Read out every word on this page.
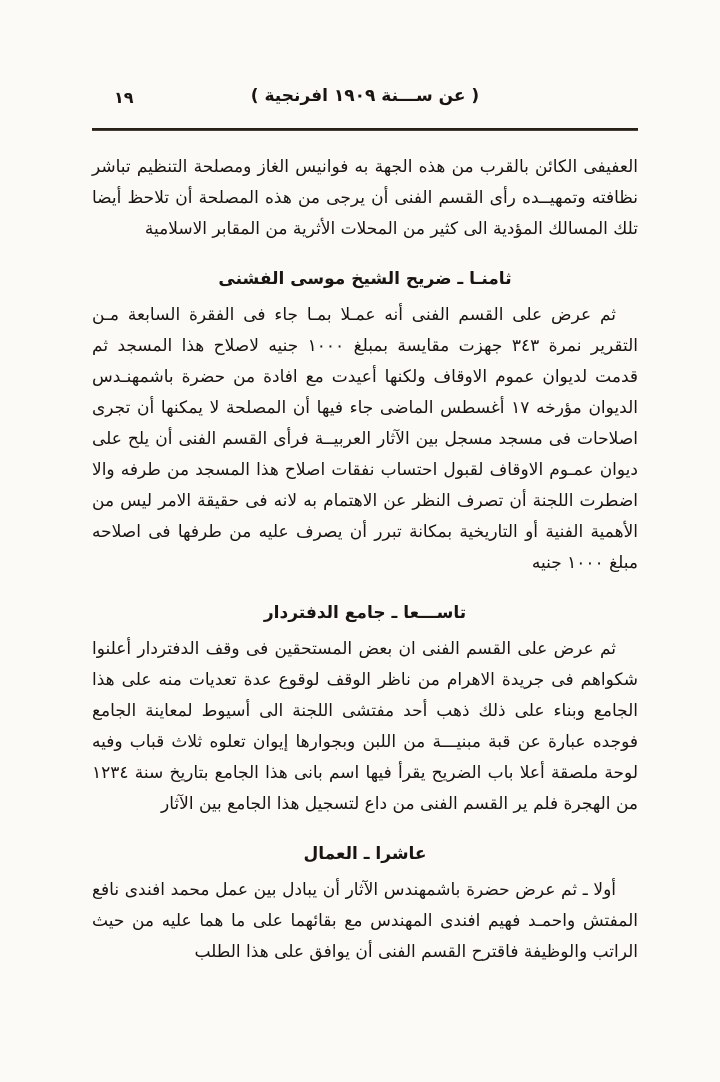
١٩	( عن ســـنة ١٩٠٩ افرنجية )

العفيفى الكائن بالقرب من هذه الجهة به فوانيس الغاز ومصلحة التنظيم تباشر نظافته وتمهيــده رأى القسم الفنى أن يرجى من هذه المصلحة أن تلاحظ أيضا تلك المسالك المؤدية الى كثير من المحلات الأثرية من المقابر الاسلامية

ثامنـا ـ ضريح الشيخ موسى الفشنى

ثم عرض على القسم الفنى أنه عمـلا بمـا جاء فى الفقرة السابعة مـن التقرير نمرة ٣٤٣ جهزت مقايسة بمبلغ ١٠٠٠ جنيه لاصلاح هذا المسجد ثم قدمت لديوان عموم الاوقاف ولكنها أعيدت مع افادة من حضرة باشمهنـدس الديوان مؤرخه ١٧ أغسطس الماضى جاء فيها أن المصلحة لا يمكنها أن تجرى اصلاحات فى مسجد مسجل بين الآثار العربيــة فرأى القسم الفنى أن يلح على ديوان عمـوم الاوقاف لقبول احتساب نفقات اصلاح هذا المسجد من طرفه والا اضطرت اللجنة أن تصرف النظر عن الاهتمام به لانه فى حقيقة الامر ليس من الأهمية الفنية أو التاريخية بمكانة تبرر أن يصرف عليه من طرفها فى اصلاحه مبلغ ١٠٠٠ جنيه

تاســـعا ـ جامع الدفتردار

ثم عرض على القسم الفنى ان بعض المستحقين فى وقف الدفتردار أعلنوا شكواهم فى جريدة الاهرام من ناظر الوقف لوقوع عدة تعديات منه على هذا الجامع وبناء على ذلك ذهب أحد مفتشى اللجنة الى أسيوط لمعاينة الجامع فوجده عبارة عن قبة مبنيـــة من اللبن وبجوارها إيوان تعلوه ثلاث قباب وفيه لوحة ملصقة أعلا باب الضريح يقرأ فيها اسم بانى هذا الجامع بتاريخ سنة ١٢٣٤ من الهجرة فلم ير القسم الفنى من داع لتسجيل هذا الجامع بين الآثار

عاشرا ـ العمال

أولا ـ ثم عرض حضرة باشمهندس الآثار أن يبادل بين عمل محمد افندى نافع المفتش واحمـد فهيم افندى المهندس مع بقائهما على ما هما عليه من حيث الراتب والوظيفة فاقترح القسم الفنى أن يوافق على هذا الطلب
